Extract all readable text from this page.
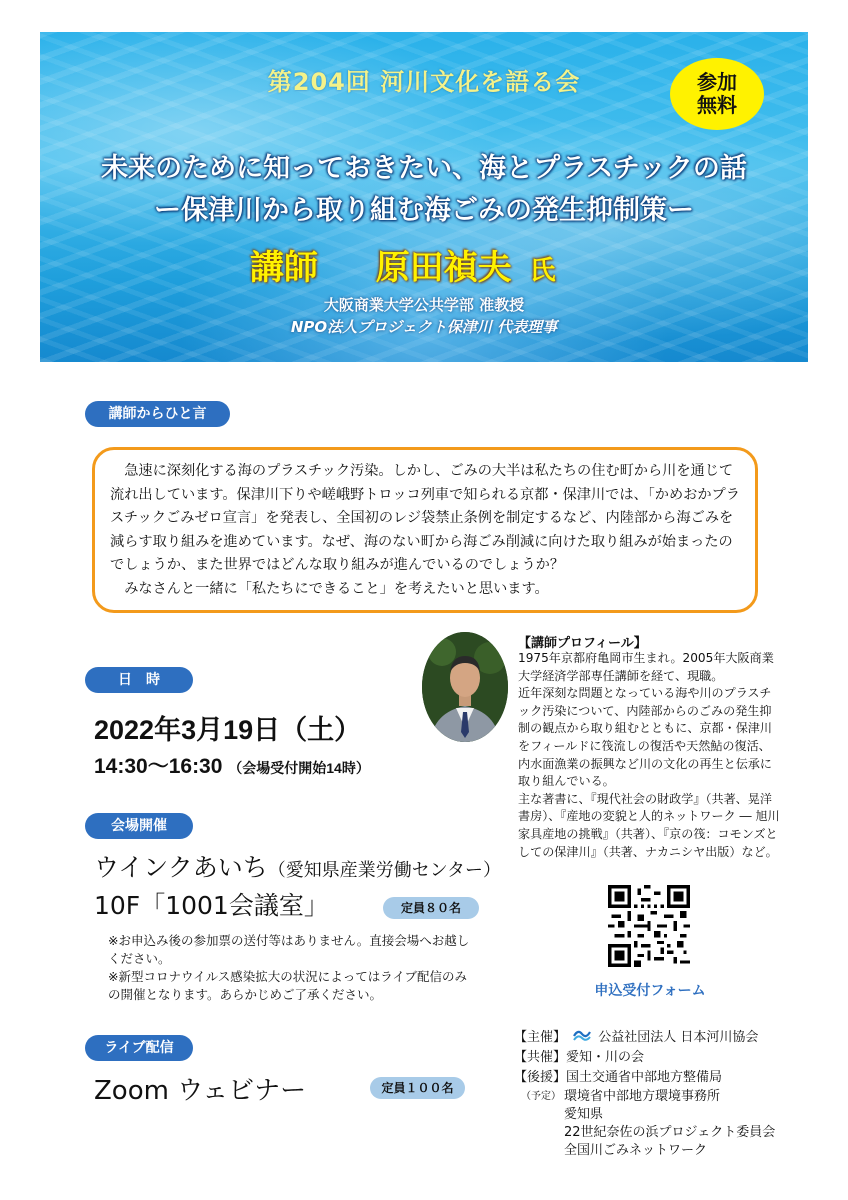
第204回 河川文化を語る会	参加
無料
未来のために知っておきたい、海とプラスチックの話
ー保津川から取り組む海ごみの発生抑制策ー
講師 原田禎夫 氏
大阪商業大学公共学部 准教授
NPO法人プロジェクト保津川 代表理事
講師からひと言

急速に深刻化する海のプラスチック汚染。しかし、ごみの大半は私たちの住む町から川を通じて流れ出しています。保津川下りや嵯峨野トロッコ列車で知られる京都・保津川では、「かめおかプラスチックごみゼロ宣言」を発表し、全国初のレジ袋禁止条例を制定するなど、内陸部から海ごみを減らす取り組みを進めています。なぜ、海のない町から海ごみ削減に向けた取り組みが始まったのでしょうか、また世界ではどんな取り組みが進んでいるのでしょうか？

みなさんと一緒に「私たちにできること」を考えたいと思います。

日　時
2022年3月19日（土）
14:30〜16:30 （会場受付開始14時）
会場開催
ウインクあいち（愛知県産業労働センター）
10F「1001会議室」	定員８０名
※お申込み後の参加票の送付等はありません。直接会場へお越しください。
※新型コロナウイルス感染拡大の状況によってはライブ配信のみの開催となります。あらかじめご了承ください。
ライブ配信
Zoom ウェビナー	定員１００名
【講師プロフィール】

1975年京都府亀岡市生まれ。2005年大阪商業大学経済学部専任講師を経て、現職。

近年深刻な問題となっている海や川のプラスチック汚染について、内陸部からのごみの発生抑制の観点から取り組むとともに、京都・保津川をフィールドに筏流しの復活や天然鮎の復活、内水面漁業の振興など川の文化の再生と伝承に取り組んでいる。

主な著書に、『現代社会の財政学』（共著、晃洋書房）、『産地の変貌と人的ネットワーク ― 旭川家具産地の挑戦』（共著）、『京の筏：コモンズとしての保津川』（共著、ナカニシヤ出版）など。

申込受付フォーム
【主催】 公益社団法人 日本河川協会
【共催】愛知・川の会
【後援】国土交通省中部地方整備局
（予定） 環境省中部地方環境事務所
愛知県
22世紀奈佐の浜プロジェクト委員会
全国川ごみネットワーク
